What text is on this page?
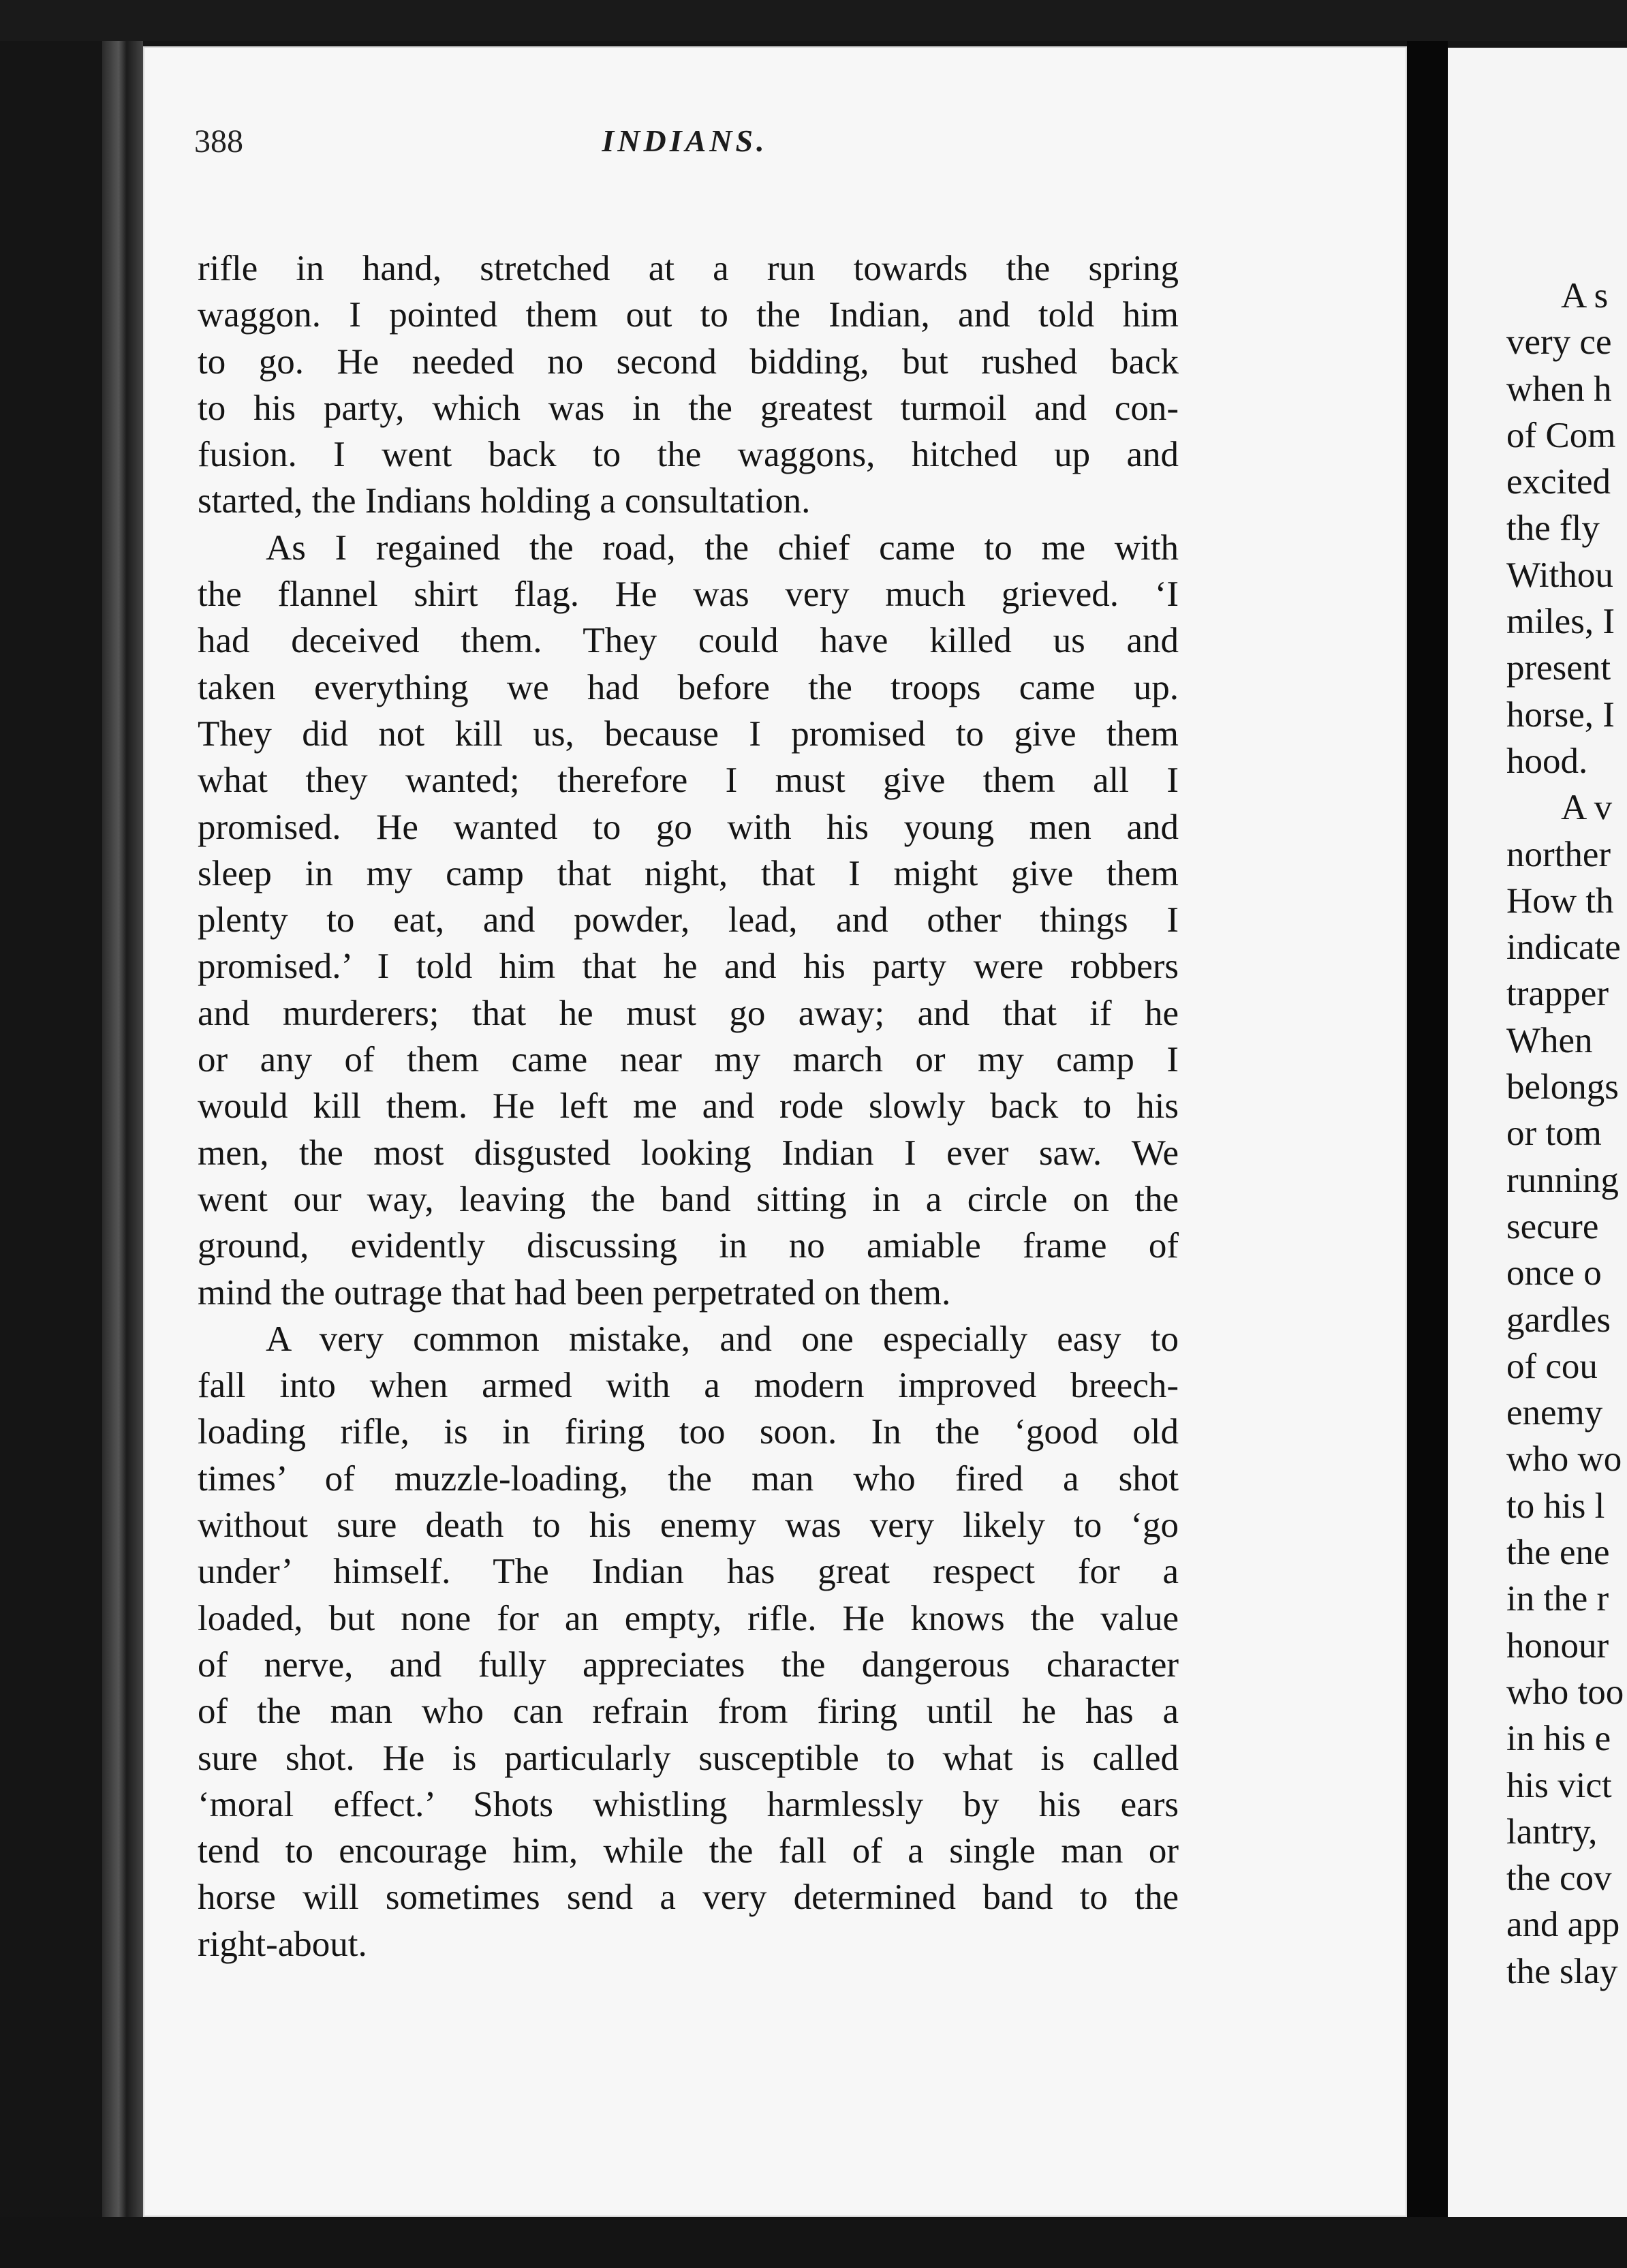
388	INDIANS.
rifle in hand, stretched at a run towards the spring
waggon. I pointed them out to the Indian, and told him
to go. He needed no second bidding, but rushed back
to his party, which was in the greatest turmoil and con-
fusion. I went back to the waggons, hitched up and
started, the Indians holding a consultation.
As I regained the road, the chief came to me with
the flannel shirt flag. He was very much grieved. ‘I
had deceived them. They could have killed us and
taken everything we had before the troops came up.
They did not kill us, because I promised to give them
what they wanted; therefore I must give them all I
promised. He wanted to go with his young men and
sleep in my camp that night, that I might give them
plenty to eat, and powder, lead, and other things I
promised.’ I told him that he and his party were robbers
and murderers; that he must go away; and that if he
or any of them came near my march or my camp I
would kill them. He left me and rode slowly back to his
men, the most disgusted looking Indian I ever saw. We
went our way, leaving the band sitting in a circle on the
ground, evidently discussing in no amiable frame of
mind the outrage that had been perpetrated on them.
A very common mistake, and one especially easy to
fall into when armed with a modern improved breech-
loading rifle, is in firing too soon. In the ‘good old
times’ of muzzle-loading, the man who fired a shot
without sure death to his enemy was very likely to ‘go
under’ himself. The Indian has great respect for a
loaded, but none for an empty, rifle. He knows the value
of nerve, and fully appreciates the dangerous character
of the man who can refrain from firing until he has a
sure shot. He is particularly susceptible to what is called
‘moral effect.’ Shots whistling harmlessly by his ears
tend to encourage him, while the fall of a single man or
horse will sometimes send a very determined band to the
right-about.
A s
very ce
when h
of Com
excited
the fly
Withou
miles, I
present
horse, I
hood.
A v
norther
How th
indicate
trapper
When
belongs
or tom
running
secure
once o
gardles
of cou
enemy
who wo
to his l
the ene
in the r
honour
who too
in his e
his vict
lantry,
the cov
and app
the slay
